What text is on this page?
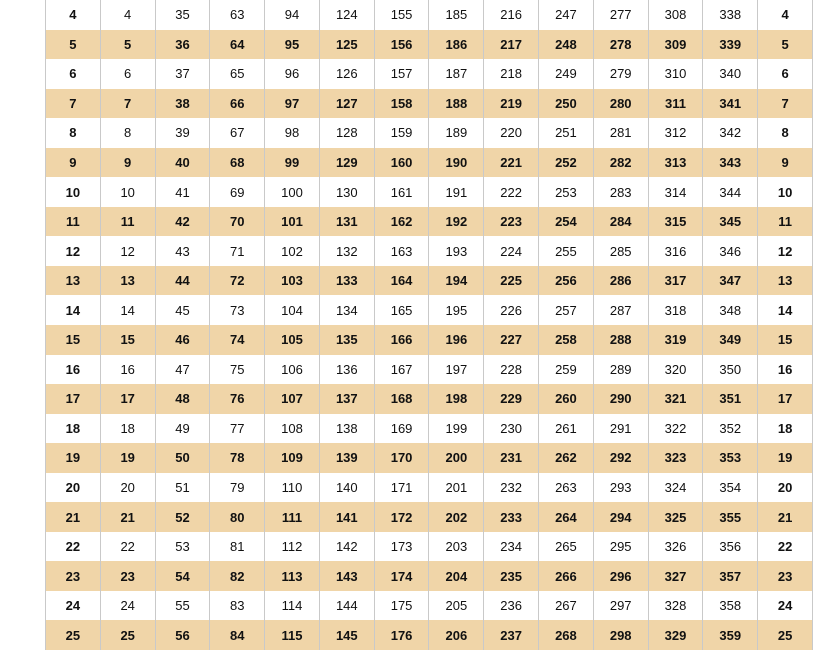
4	4	35	63	94	124	155	185	216	247	277	308	338	4
5	5	36	64	95	125	156	186	217	248	278	309	339	5
6	6	37	65	96	126	157	187	218	249	279	310	340	6
7	7	38	66	97	127	158	188	219	250	280	311	341	7
8	8	39	67	98	128	159	189	220	251	281	312	342	8
9	9	40	68	99	129	160	190	221	252	282	313	343	9
10	10	41	69	100	130	161	191	222	253	283	314	344	10
11	11	42	70	101	131	162	192	223	254	284	315	345	11
12	12	43	71	102	132	163	193	224	255	285	316	346	12
13	13	44	72	103	133	164	194	225	256	286	317	347	13
14	14	45	73	104	134	165	195	226	257	287	318	348	14
15	15	46	74	105	135	166	196	227	258	288	319	349	15
16	16	47	75	106	136	167	197	228	259	289	320	350	16
17	17	48	76	107	137	168	198	229	260	290	321	351	17
18	18	49	77	108	138	169	199	230	261	291	322	352	18
19	19	50	78	109	139	170	200	231	262	292	323	353	19
20	20	51	79	110	140	171	201	232	263	293	324	354	20
21	21	52	80	111	141	172	202	233	264	294	325	355	21
22	22	53	81	112	142	173	203	234	265	295	326	356	22
23	23	54	82	113	143	174	204	235	266	296	327	357	23
24	24	55	83	114	144	175	205	236	267	297	328	358	24
25	25	56	84	115	145	176	206	237	268	298	329	359	25
